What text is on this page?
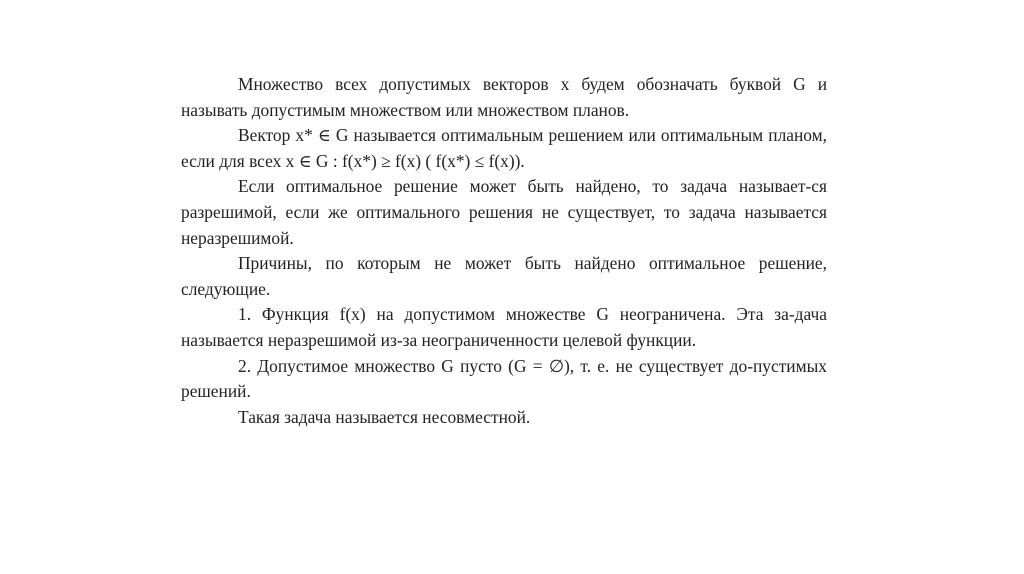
Множество всех допустимых векторов x будем обозначать буквой G и называть допустимым множеством или множеством планов.

Вектор x* ∈ G называется оптимальным решением или оптимальным планом, если для всех x ∈ G : f(x*) ≥ f(x) ( f(x*) ≤ f(x)).

Если оптимальное решение может быть найдено, то задача называет-ся разрешимой, если же оптимального решения не существует, то задача называется неразрешимой.

Причины, по которым не может быть найдено оптимальное решение, следующие.

1. Функция f(x) на допустимом множестве G неограничена. Эта за-дача называется неразрешимой из-за неограниченности целевой функции.

2. Допустимое множество G пусто (G = ∅), т. е. не существует до-пустимых решений.

Такая задача называется несовместной.
